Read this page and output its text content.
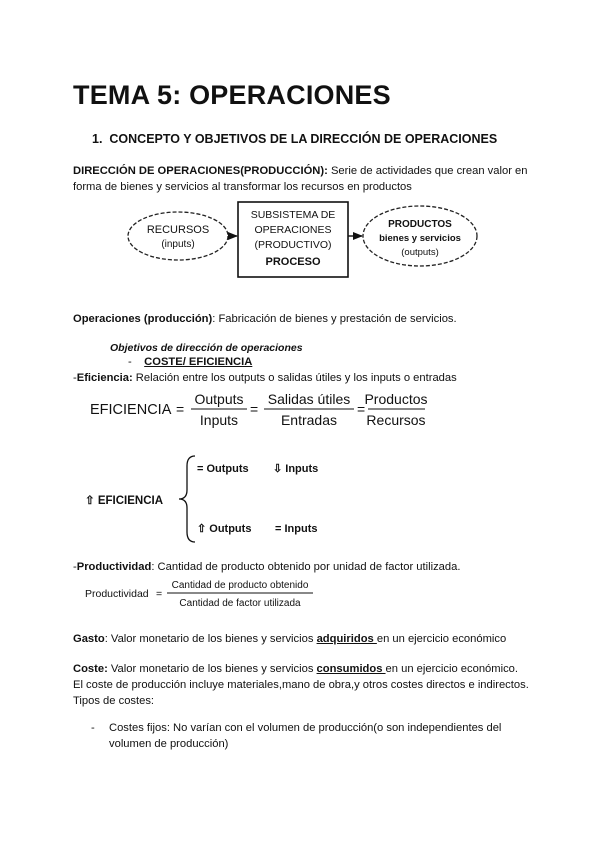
TEMA 5: OPERACIONES
1. CONCEPTO Y OBJETIVOS DE LA DIRECCIÓN DE OPERACIONES
DIRECCIÓN DE OPERACIONES(PRODUCCIÓN): Serie de actividades que crean valor en
forma de bienes y servicios al transformar los recursos en productos
RECURSOS
(inputs)
SUBSISTEMA DE
OPERACIONES
(PRODUCTIVO)
PROCESO
PRODUCTOS
bienes y servicios
(outputs)
Operaciones (producción): Fabricación de bienes y prestación de servicios.
Objetivos de dirección de operaciones
- COSTE/ EFICIENCIA
-Eficiencia: Relación entre los outputs o salidas útiles y los inputs o entradas
EFICIENCIA =
Outputs
Inputs
=
Salidas útiles
Entradas
=
Productos
Recursos
⇧ EFICIENCIA
= Outputs ⇩ Inputs
⇧ Outputs = Inputs
-Productividad: Cantidad de producto obtenido por unidad de factor utilizada.
Productividad =
Cantidad de producto obtenido
Cantidad de factor utilizada
Gasto: Valor monetario de los bienes y servicios adquiridos en un ejercicio económico
Coste: Valor monetario de los bienes y servicios consumidos en un ejercicio económico.
El coste de producción incluye materiales,mano de obra,y otros costes directos e indirectos.
Tipos de costes:
- Costes fijos: No varían con el volumen de producción(o son independientes del
volumen de producción)
